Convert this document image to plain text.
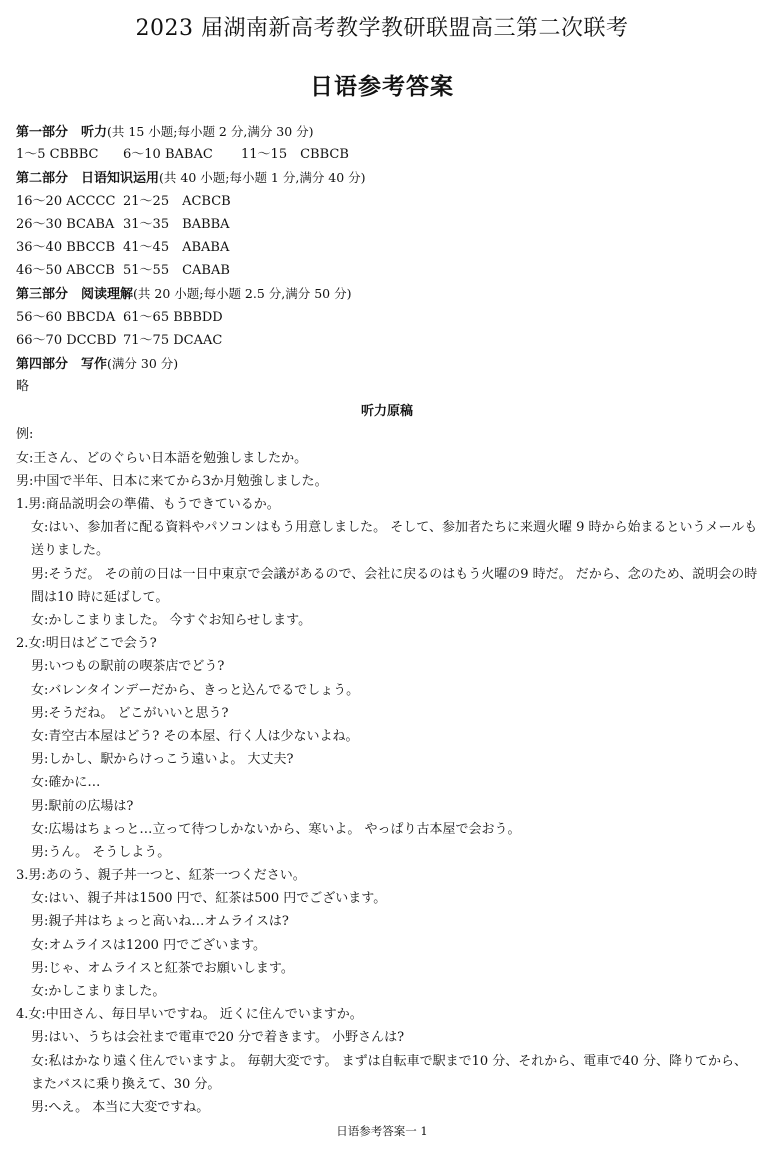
2023 届湖南新高考教学教研联盟高三第二次联考
日语参考答案
第一部分　听力(共 15 小题;每小题 2 分,满分 30 分)
1～5 CBBBC 6～10 BABAC 11～15　CBBCB
第二部分　日语知识运用(共 40 小题;每小题 1 分,满分 40 分)
16～20 ACCCC 21～25　ACBCB
26～30 BCABA 31～35　BABBA
36～40 BBCCB 41～45　ABABA
46～50 ABCCB 51～55　CABAB
第三部分　阅读理解(共 20 小题;每小题 2.5 分,满分 50 分)
56～60 BBCDA 61～65 BBBDD
66～70 DCCBD 71～75 DCAAC
第四部分　写作(满分 30 分)
略
听力原稿
例:
女:王さん、どのぐらい日本語を勉強しましたか。
男:中国で半年、日本に来てから3か月勉強しました。
1.男:商品説明会の準備、もうできているか。
女:はい、参加者に配る資料やパソコンはもう用意しました。 そして、参加者たちに来週火曜 9 時から始まるというメールも送りました。
男:そうだ。 その前の日は一日中東京で会議があるので、会社に戻るのはもう火曜の9 時だ。 だから、念のため、説明会の時間は10 時に延ばして。
女:かしこまりました。 今すぐお知らせします。
2.女:明日はどこで会う?
男:いつもの駅前の喫茶店でどう?
女:バレンタインデーだから、きっと込んでるでしょう。
男:そうだね。 どこがいいと思う?
女:青空古本屋はどう? その本屋、行く人は少ないよね。
男:しかし、駅からけっこう遠いよ。 大丈夫?
女:確かに…
男:駅前の広場は?
女:広場はちょっと…立って待つしかないから、寒いよ。 やっぱり古本屋で会おう。
男:うん。 そうしよう。
3.男:あのう、親子丼一つと、紅茶一つください。
女:はい、親子丼は1500 円で、紅茶は500 円でございます。
男:親子丼はちょっと高いね…オムライスは?
女:オムライスは1200 円でございます。
男:じゃ、オムライスと紅茶でお願いします。
女:かしこまりました。
4.女:中田さん、毎日早いですね。 近くに住んでいますか。
男:はい、うちは会社まで電車で20 分で着きます。 小野さんは?
女:私はかなり遠く住んでいますよ。 毎朝大変です。 まずは自転車で駅まで10 分、それから、電車で40 分、降りてから、またバスに乗り換えて、30 分。
男:へえ。 本当に大変ですね。
日语参考答案一 1
